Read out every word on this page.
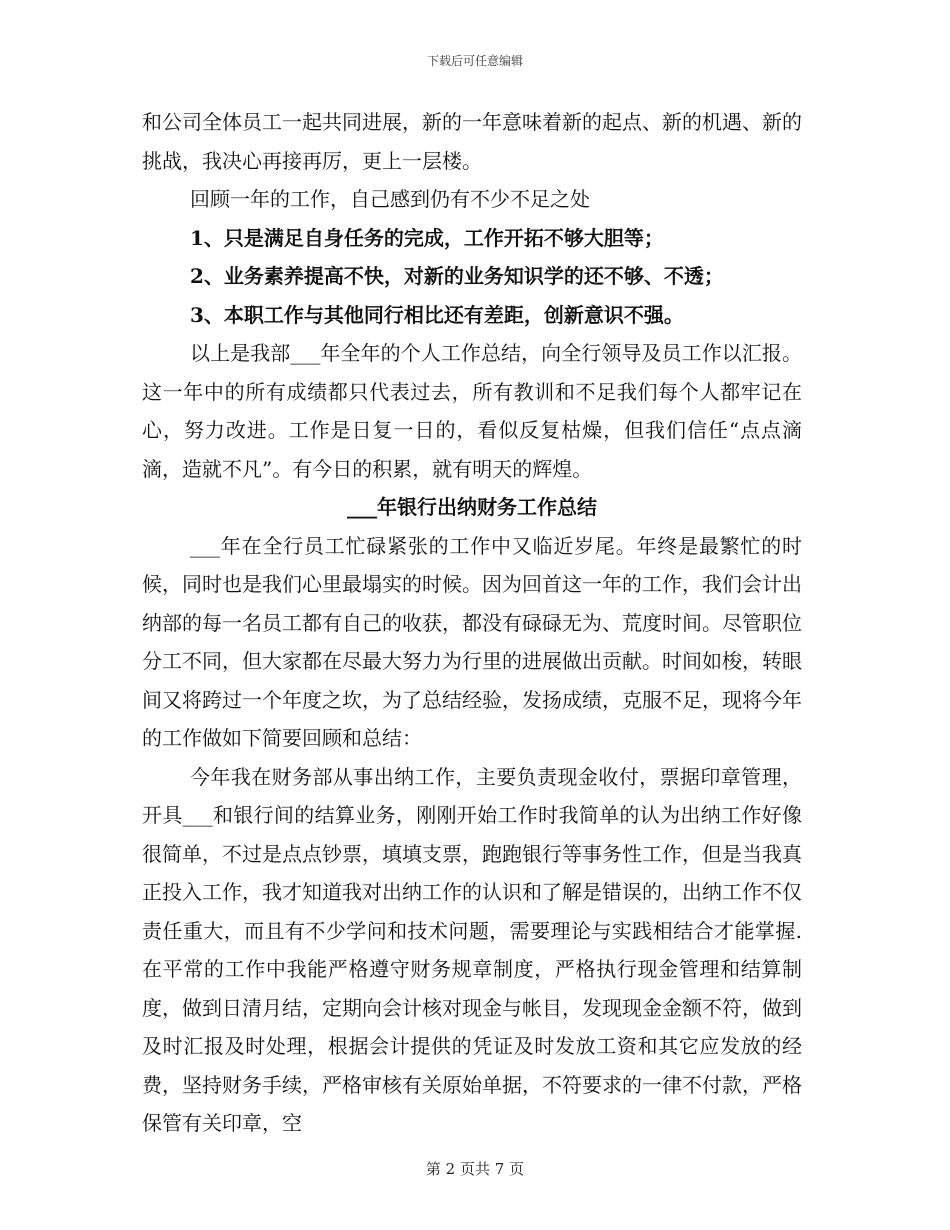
下载后可任意编辑

和公司全体员工一起共同进展，新的一年意味着新的起点、新的机遇、新的挑战，我决心再接再厉，更上一层楼。

回顾一年的工作，自己感到仍有不少不足之处

1、只是满足自身任务的完成，工作开拓不够大胆等；

2、业务素养提高不快，对新的业务知识学的还不够、不透；

3、本职工作与其他同行相比还有差距，创新意识不强。

以上是我部___年全年的个人工作总结，向全行领导及员工作以汇报。这一年中的所有成绩都只代表过去，所有教训和不足我们每个人都牢记在心，努力改进。工作是日复一日的，看似反复枯燥，但我们信任“点点滴滴，造就不凡”。有今日的积累，就有明天的辉煌。

___年银行出纳财务工作总结

___年在全行员工忙碌紧张的工作中又临近岁尾。年终是最繁忙的时候，同时也是我们心里最塌实的时候。因为回首这一年的工作，我们会计出纳部的每一名员工都有自己的收获，都没有碌碌无为、荒度时间。尽管职位分工不同，但大家都在尽最大努力为行里的进展做出贡献。时间如梭，转眼间又将跨过一个年度之坎，为了总结经验，发扬成绩，克服不足，现将今年的工作做如下简要回顾和总结：

今年我在财务部从事出纳工作，主要负责现金收付，票据印章管理，开具___和银行间的结算业务，刚刚开始工作时我简单的认为出纳工作好像很简单，不过是点点钞票，填填支票，跑跑银行等事务性工作，但是当我真正投入工作，我才知道我对出纳工作的认识和了解是错误的，出纳工作不仅责任重大，而且有不少学问和技术问题，需要理论与实践相结合才能掌握.在平常的工作中我能严格遵守财务规章制度，严格执行现金管理和结算制度，做到日清月结，定期向会计核对现金与帐目，发现现金金额不符，做到及时汇报及时处理，根据会计提供的凭证及时发放工资和其它应发放的经费，坚持财务手续，严格审核有关原始单据，不符要求的一律不付款，严格保管有关印章，空

第 2 页共 7 页
